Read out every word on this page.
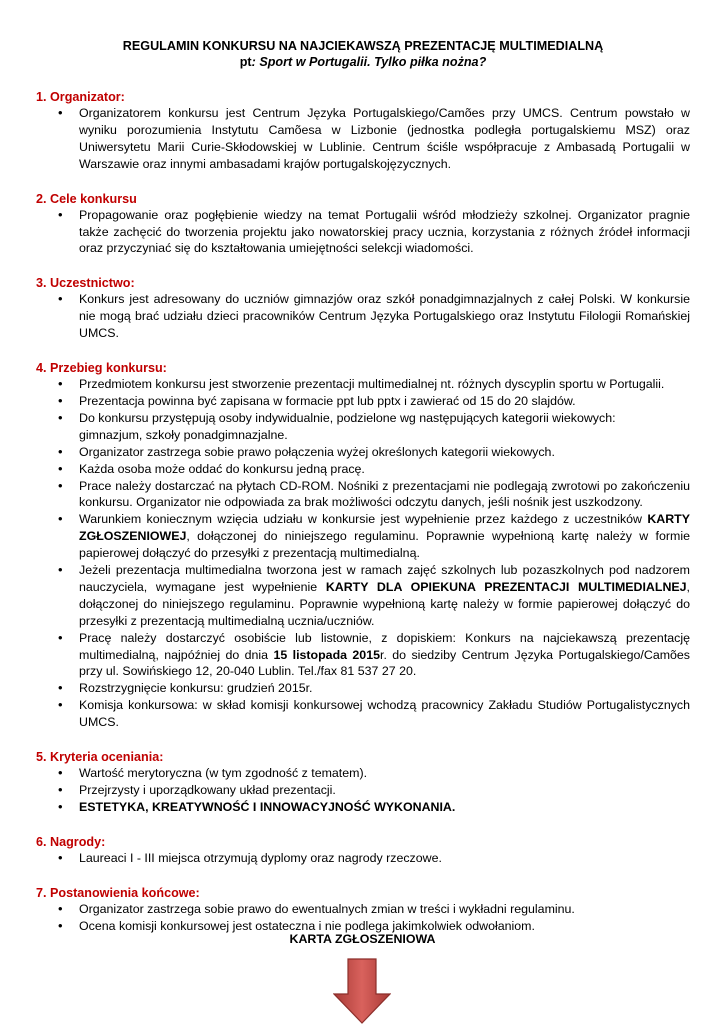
REGULAMIN KONKURSU NA NAJCIEKAWSZĄ PREZENTACJĘ MULTIMEDIALNĄ

pt: Sport w Portugalii. Tylko piłka nożna?

1. Organizator:

• Organizatorem konkursu jest Centrum Języka Portugalskiego/Camões przy UMCS. Centrum powstało w wyniku porozumienia Instytutu Camõesa w Lizbonie (jednostka podległa portugalskiemu MSZ) oraz Uniwersytetu Marii Curie-Skłodowskiej w Lublinie. Centrum ściśle współpracuje z Ambasadą Portugalii w Warszawie oraz innymi ambasadami krajów portugalskojęzycznych.

2. Cele konkursu

• Propagowanie oraz pogłębienie wiedzy na temat Portugalii wśród młodzieży szkolnej. Organizator pragnie także zachęcić do tworzenia projektu jako nowatorskiej pracy ucznia, korzystania z różnych źródeł informacji oraz przyczyniać się do kształtowania umiejętności selekcji wiadomości.

3. Uczestnictwo:

• Konkurs jest adresowany do uczniów gimnazjów oraz szkół ponadgimnazjalnych z całej Polski. W konkursie nie mogą brać udziału dzieci pracowników Centrum Języka Portugalskiego oraz Instytutu Filologii Romańskiej UMCS.

4. Przebieg konkursu:

• Przedmiotem konkursu jest stworzenie prezentacji multimedialnej nt. różnych dyscyplin sportu w Portugalii.
• Prezentacja powinna być zapisana w formacie ppt lub pptx i zawierać od 15 do 20 slajdów.
• Do konkursu przystępują osoby indywidualnie, podzielone wg następujących kategorii wiekowych:
gimnazjum, szkoły ponadgimnazjalne.
• Organizator zastrzega sobie prawo połączenia wyżej określonych kategorii wiekowych.
• Każda osoba może oddać do konkursu jedną pracę.
• Prace należy dostarczać na płytach CD-ROM. Nośniki z prezentacjami nie podlegają zwrotowi po zakończeniu konkursu. Organizator nie odpowiada za brak możliwości odczytu danych, jeśli nośnik jest uszkodzony.
• Warunkiem koniecznym wzięcia udziału w konkursie jest wypełnienie przez każdego z uczestników KARTY ZGŁOSZENIOWEJ, dołączonej do niniejszego regulaminu. Poprawnie wypełnioną kartę należy w formie papierowej dołączyć do przesyłki z prezentacją multimedialną.
• Jeżeli prezentacja multimedialna tworzona jest w ramach zajęć szkolnych lub pozaszkolnych pod nadzorem nauczyciela, wymagane jest wypełnienie KARTY DLA OPIEKUNA PREZENTACJI MULTIMEDIALNEJ, dołączonej do niniejszego regulaminu. Poprawnie wypełnioną kartę należy w formie papierowej dołączyć do przesyłki z prezentacją multimedialną ucznia/uczniów.
• Pracę należy dostarczyć osobiście lub listownie, z dopiskiem: Konkurs na najciekawszą prezentację multimedialną, najpóźniej do dnia 15 listopada 2015r. do siedziby Centrum Języka Portugalskiego/Camões przy ul. Sowińskiego 12, 20-040 Lublin. Tel./fax 81 537 27 20.
• Rozstrzygnięcie konkursu: grudzień 2015r.
• Komisja konkursowa: w skład komisji konkursowej wchodzą pracownicy Zakładu Studiów Portugalistycznych UMCS.

5. Kryteria oceniania:

• Wartość merytoryczna (w tym zgodność z tematem).
• Przejrzysty i uporządkowany układ prezentacji.
• ESTETYKA, KREATYWNOŚĆ I INNOWACYJNOŚĆ WYKONANIA.

6. Nagrody:

• Laureaci I - III miejsca otrzymują dyplomy oraz nagrody rzeczowe.

7. Postanowienia końcowe:

• Organizator zastrzega sobie prawo do ewentualnych zmian w treści i wykładni regulaminu.
• Ocena komisji konkursowej jest ostateczna i nie podlega jakimkolwiek odwołaniom.
KARTA ZGŁOSZENIOWA
